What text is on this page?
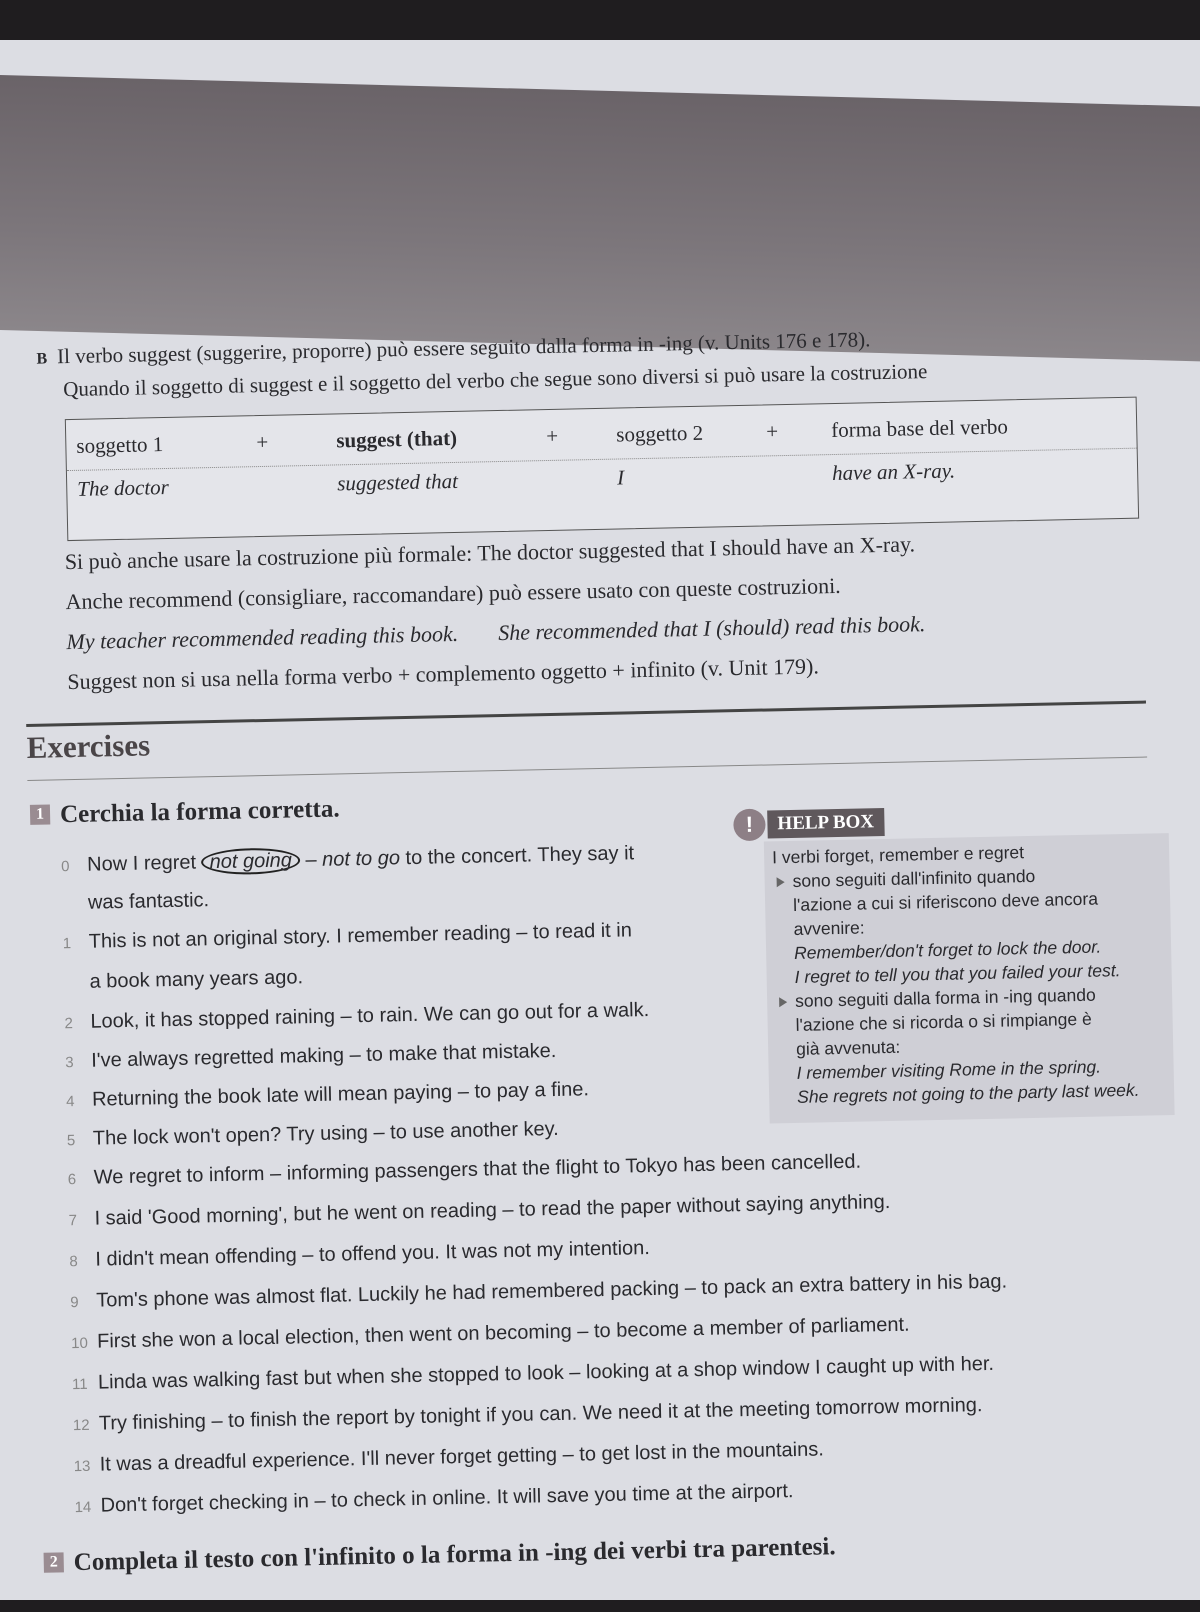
B Il verbo suggest (suggerire, proporre) può essere seguito dalla forma in -ing (v. Units 176 e 178).
Quando il soggetto di suggest e il soggetto del verbo che segue sono diversi si può usare la costruzione
soggetto 1	+	suggest (that)	+	soggetto 2	+	forma base del verbo
The doctor	suggested that	I	have an X-ray.
Si può anche usare la costruzione più formale: The doctor suggested that I should have an X-ray.
Anche recommend (consigliare, raccomandare) può essere usato con queste costruzioni.
My teacher recommended reading this book. She recommended that I (should) read this book.
Suggest non si usa nella forma verbo + complemento oggetto + infinito (v. Unit 179).
Exercises
1 Cerchia la forma corretta.	! HELP BOX
I verbi forget, remember e regret
sono seguiti dall'infinito quando
l'azione a cui si riferiscono deve ancora
avvenire:
Remember/don't forget to lock the door.
I regret to tell you that you failed your test.
sono seguiti dalla forma in -ing quando
l'azione che si ricorda o si rimpiange è
già avvenuta:
I remember visiting Rome in the spring.
She regrets not going to the party last week.
0 Now I regret not going – not to go to the concert. They say it
was fantastic.
1 This is not an original story. I remember reading – to read it in
a book many years ago.
2 Look, it has stopped raining – to rain. We can go out for a walk.
3 I've always regretted making – to make that mistake.
4 Returning the book late will mean paying – to pay a fine.
5 The lock won't open? Try using – to use another key.
6 We regret to inform – informing passengers that the flight to Tokyo has been cancelled.
7 I said 'Good morning', but he went on reading – to read the paper without saying anything.
8 I didn't mean offending – to offend you. It was not my intention.
9 Tom's phone was almost flat. Luckily he had remembered packing – to pack an extra battery in his bag.
10 First she won a local election, then went on becoming – to become a member of parliament.
11 Linda was walking fast but when she stopped to look – looking at a shop window I caught up with her.
12 Try finishing – to finish the report by tonight if you can. We need it at the meeting tomorrow morning.
13 It was a dreadful experience. I'll never forget getting – to get lost in the mountains.
14 Don't forget checking in – to check in online. It will save you time at the airport.
2 Completa il testo con l'infinito o la forma in -ing dei verbi tra parentesi.
